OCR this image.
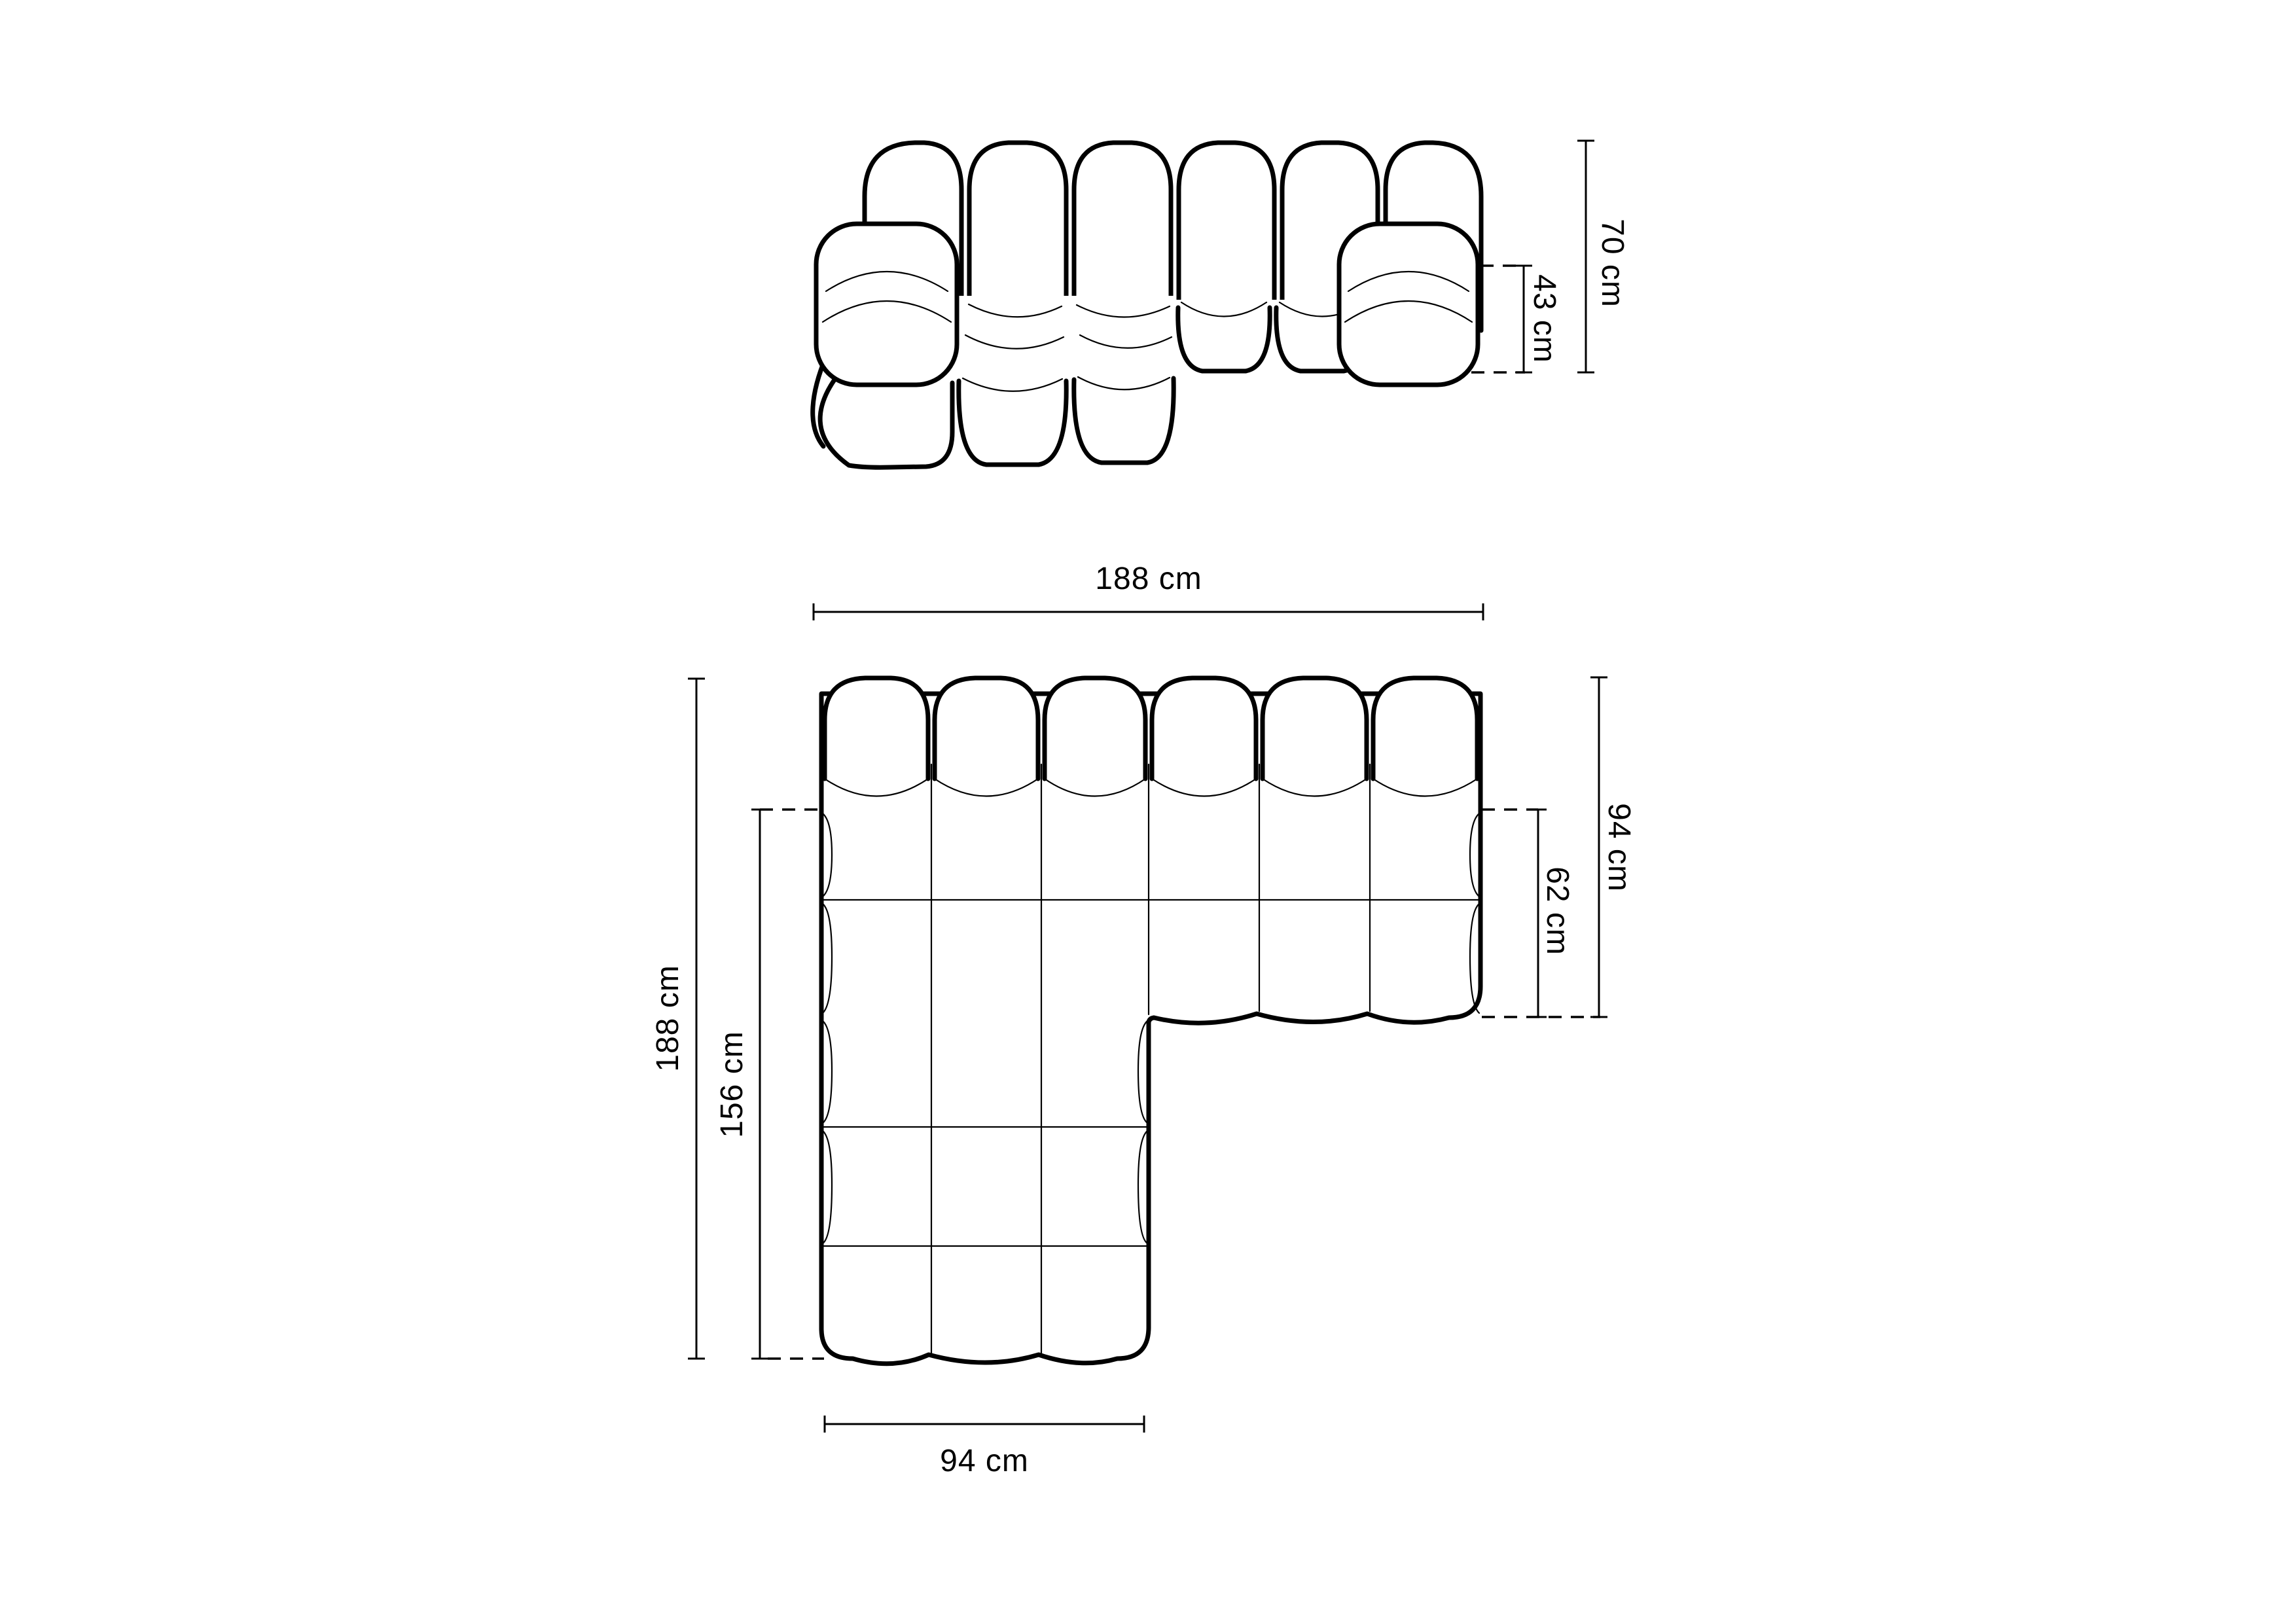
70 cm
43 cm
188 cm
188 cm
156 cm
62 cm
94 cm
94 cm
